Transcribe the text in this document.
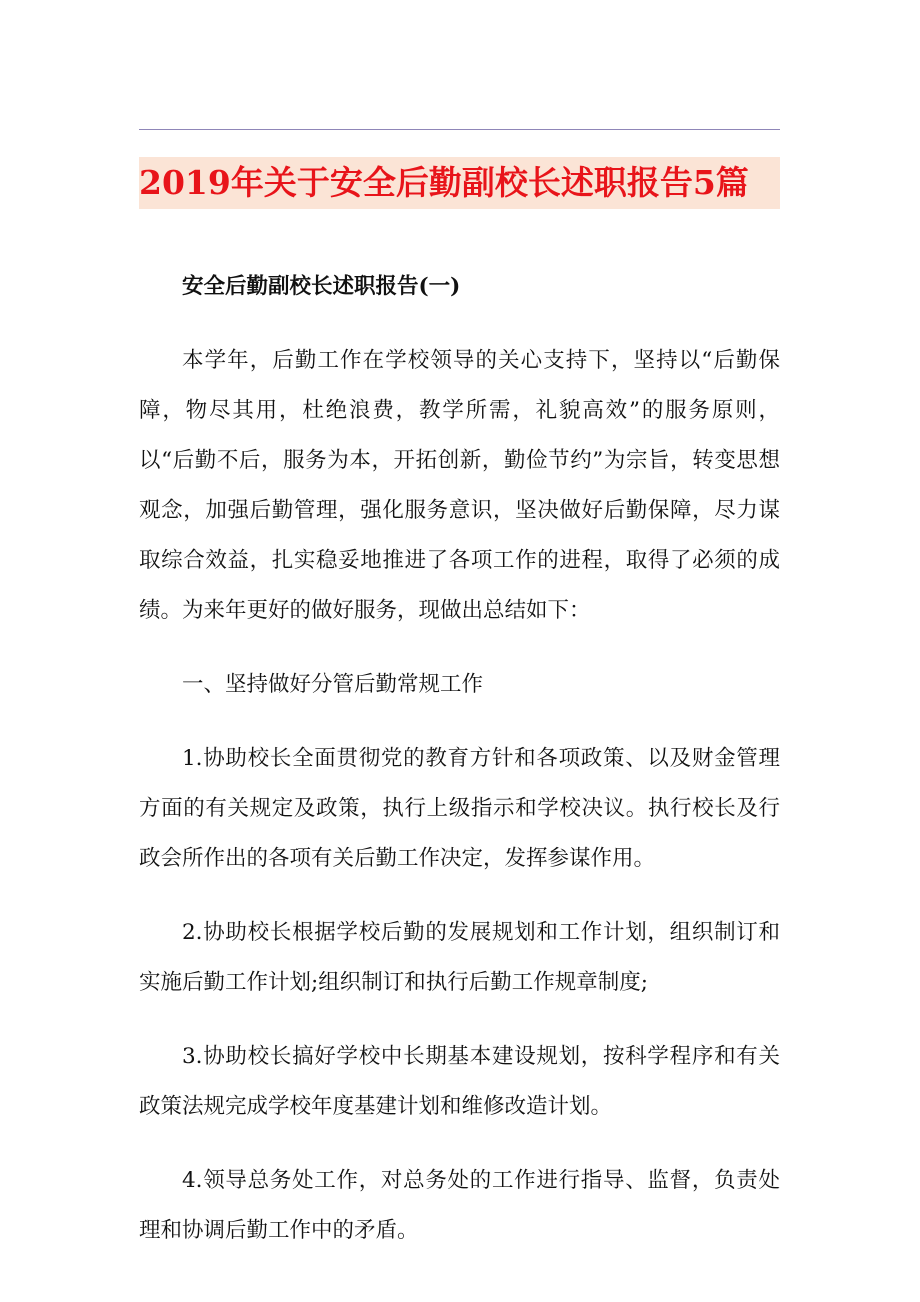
2019年关于安全后勤副校长述职报告5篇

安全后勤副校长述职报告(一)

本学年，后勤工作在学校领导的关心支持下，坚持以“后勤保障，物尽其用，杜绝浪费，教学所需，礼貌高效”的服务原则，以“后勤不后，服务为本，开拓创新，勤俭节约”为宗旨，转变思想观念，加强后勤管理，强化服务意识，坚决做好后勤保障，尽力谋取综合效益，扎实稳妥地推进了各项工作的进程，取得了必须的成绩。为来年更好的做好服务，现做出总结如下：

一、坚持做好分管后勤常规工作

1.协助校长全面贯彻党的教育方针和各项政策、以及财金管理方面的有关规定及政策，执行上级指示和学校决议。执行校长及行政会所作出的各项有关后勤工作决定，发挥参谋作用。

2.协助校长根据学校后勤的发展规划和工作计划，组织制订和实施后勤工作计划;组织制订和执行后勤工作规章制度;

3.协助校长搞好学校中长期基本建设规划，按科学程序和有关政策法规完成学校年度基建计划和维修改造计划。

4.领导总务处工作，对总务处的工作进行指导、监督，负责处理和协调后勤工作中的矛盾。
